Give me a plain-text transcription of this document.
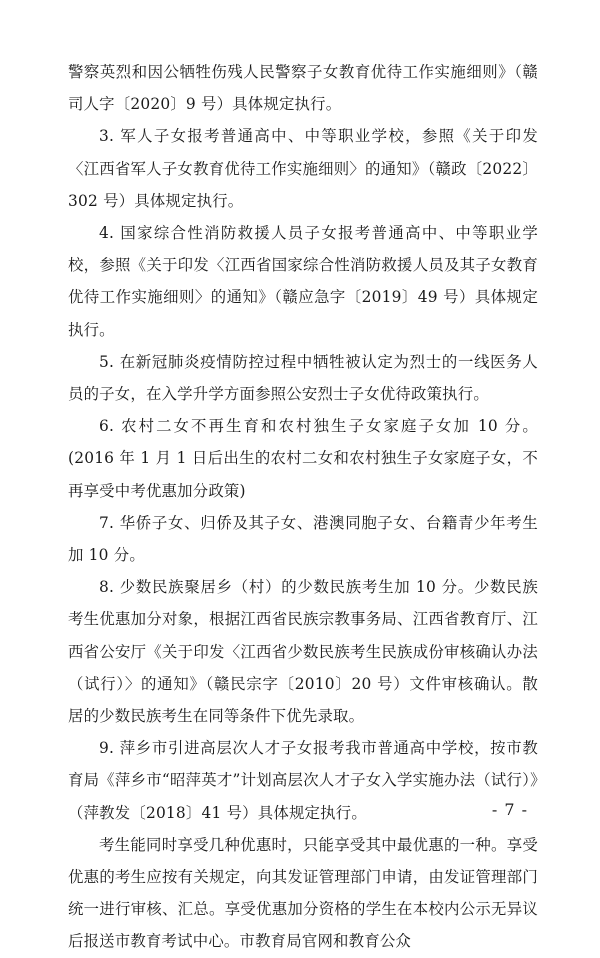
警察英烈和因公牺牲伤残人民警察子女教育优待工作实施细则》（赣司人字〔2020〕9 号）具体规定执行。

3. 军人子女报考普通高中、中等职业学校，参照《关于印发〈江西省军人子女教育优待工作实施细则〉的通知》（赣政〔2022〕302 号）具体规定执行。

4. 国家综合性消防救援人员子女报考普通高中、中等职业学校，参照《关于印发〈江西省国家综合性消防救援人员及其子女教育优待工作实施细则〉的通知》（赣应急字〔2019〕49 号）具体规定执行。

5. 在新冠肺炎疫情防控过程中牺牲被认定为烈士的一线医务人员的子女，在入学升学方面参照公安烈士子女优待政策执行。

6. 农村二女不再生育和农村独生子女家庭子女加 10 分。(2016 年 1 月 1 日后出生的农村二女和农村独生子女家庭子女，不再享受中考优惠加分政策)

7. 华侨子女、归侨及其子女、港澳同胞子女、台籍青少年考生加 10 分。

8. 少数民族聚居乡（村）的少数民族考生加 10 分。少数民族考生优惠加分对象，根据江西省民族宗教事务局、江西省教育厅、江西省公安厅《关于印发〈江西省少数民族考生民族成份审核确认办法（试行）〉的通知》（赣民宗字〔2010〕20 号）文件审核确认。散居的少数民族考生在同等条件下优先录取。

9. 萍乡市引进高层次人才子女报考我市普通高中学校，按市教育局《萍乡市“昭萍英才”计划高层次人才子女入学实施办法（试行）》（萍教发〔2018〕41 号）具体规定执行。

考生能同时享受几种优惠时，只能享受其中最优惠的一种。享受优惠的考生应按有关规定，向其发证管理部门申请，由发证管理部门统一进行审核、汇总。享受优惠加分资格的学生在本校内公示无异议后报送市教育考试中心。市教育局官网和教育公众

- 7 -
